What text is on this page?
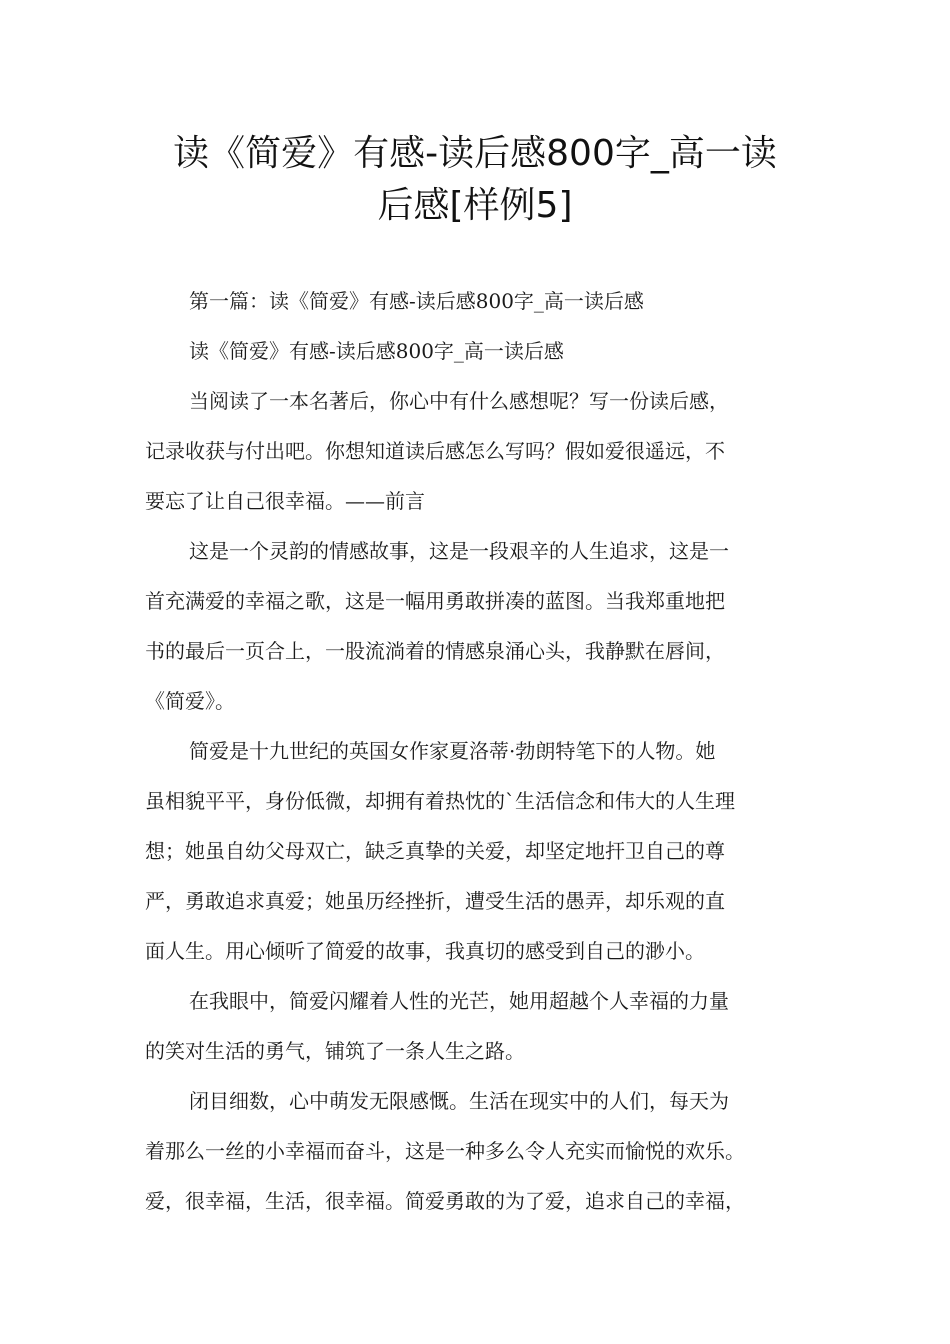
读《简爱》有感-读后感800字_高一读
后感[样例5]
第一篇：读《简爱》有感-读后感800字_高一读后感
读《简爱》有感-读后感800字_高一读后感
当阅读了一本名著后，你心中有什么感想呢？写一份读后感，
记录收获与付出吧。你想知道读后感怎么写吗？假如爱很遥远，不
要忘了让自己很幸福。——前言
这是一个灵韵的情感故事，这是一段艰辛的人生追求，这是一
首充满爱的幸福之歌，这是一幅用勇敢拼凑的蓝图。当我郑重地把
书的最后一页合上，一股流淌着的情感泉涌心头，我静默在唇间，
《简爱》。
简爱是十九世纪的英国女作家夏洛蒂·勃朗特笔下的人物。她
虽相貌平平，身份低微，却拥有着热忱的`生活信念和伟大的人生理
想；她虽自幼父母双亡，缺乏真挚的关爱，却坚定地扞卫自己的尊
严，勇敢追求真爱；她虽历经挫折，遭受生活的愚弄，却乐观的直
面人生。用心倾听了简爱的故事，我真切的感受到自己的渺小。
在我眼中，简爱闪耀着人性的光芒，她用超越个人幸福的力量
的笑对生活的勇气，铺筑了一条人生之路。
闭目细数，心中萌发无限感慨。生活在现实中的人们，每天为
着那么一丝的小幸福而奋斗，这是一种多么令人充实而愉悦的欢乐。
爱，很幸福，生活，很幸福。简爱勇敢的为了爱，追求自己的幸福，
